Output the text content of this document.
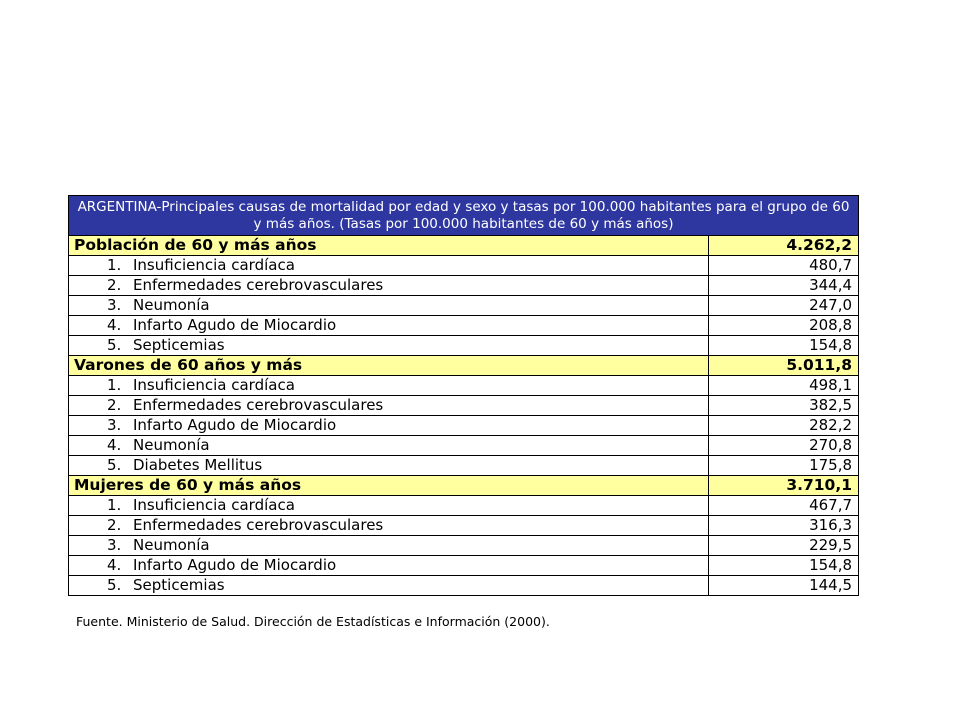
ARGENTINA-Principales causas de mortalidad por edad y sexo y tasas por 100.000 habitantes para el grupo de 60 y más años. (Tasas por 100.000 habitantes de 60 y más años)	
Población de 60 y más años	4.262,2
1. Insuficiencia cardíaca	480,7
2. Enfermedades cerebrovasculares	344,4
3. Neumonía	247,0
4. Infarto Agudo de Miocardio	208,8
5. Septicemias	154,8
Varones de 60 años y más	5.011,8
1. Insuficiencia cardíaca	498,1
2. Enfermedades cerebrovasculares	382,5
3. Infarto Agudo de Miocardio	282,2
4. Neumonía	270,8
5. Diabetes Mellitus	175,8
Mujeres de 60 y más años	3.710,1
1. Insuficiencia cardíaca	467,7
2. Enfermedades cerebrovasculares	316,3
3. Neumonía	229,5
4. Infarto Agudo de Miocardio	154,8
5. Septicemias	144,5
Fuente. Ministerio de Salud. Dirección de Estadísticas e Información (2000).
